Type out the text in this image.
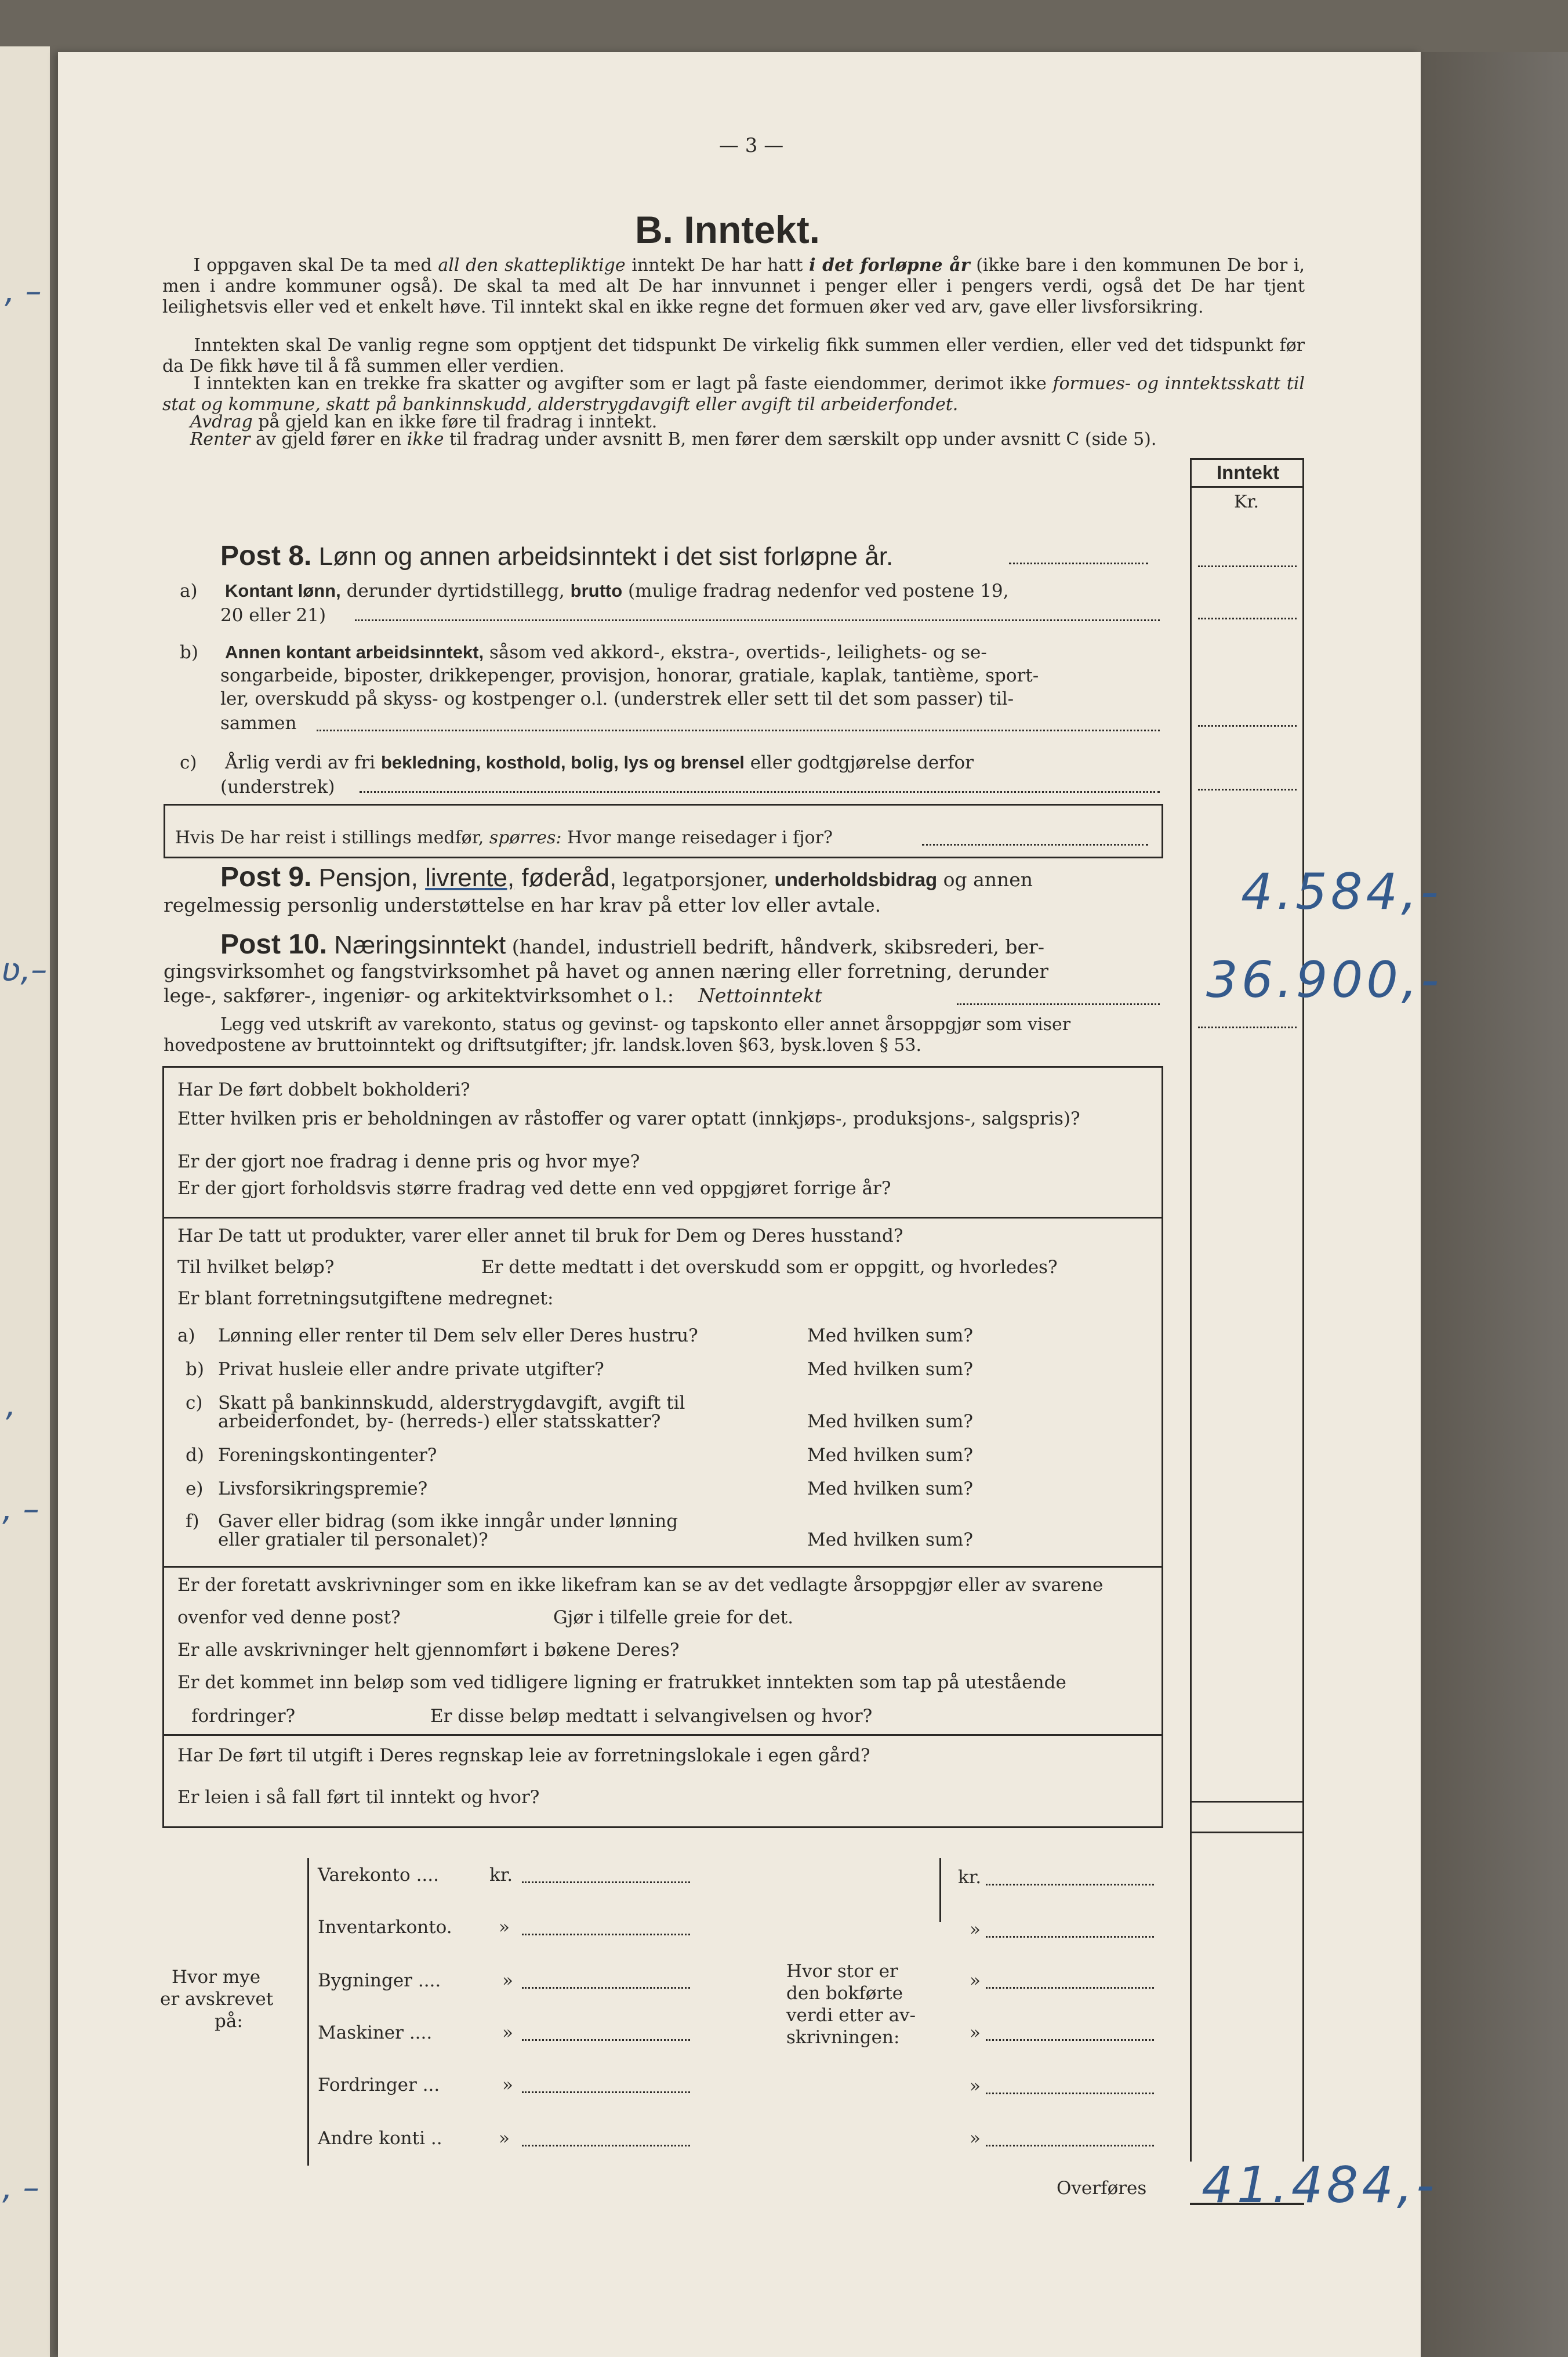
‚ –
ʋ,–
,
, –
, –
— 3 —
B. Inntekt.
I oppgaven skal De ta med all den skattepliktige inntekt De har hatt i det forløpne år (ikke bare i den kommunen De bor i, men i andre kommuner også). De skal ta med alt De har innvunnet i penger eller i pengers verdi, også det De har tjent leilighetsvis eller ved et enkelt høve. Til inntekt skal en ikke regne det formuen øker ved arv, gave eller livsforsikring.
Inntekten skal De vanlig regne som opptjent det tidspunkt De virkelig fikk summen eller verdien, eller ved det tidspunkt før da De fikk høve til å få summen eller verdien.
I inntekten kan en trekke fra skatter og avgifter som er lagt på faste eiendommer, derimot ikke formues- og inntektsskatt til stat og kommune, skatt på bankinnskudd, alderstrygdavgift eller avgift til arbeiderfondet.
Avdrag på gjeld kan en ikke føre til fradrag i inntekt.
Renter av gjeld fører en ikke til fradrag under avsnitt B, men fører dem særskilt opp under avsnitt C (side 5).
Inntekt
Kr.
4.584,-
36.900,-
41.484,-
Post 8. Lønn og annen arbeidsinntekt i det sist forløpne år.
a) Kontant lønn, derunder dyrtidstillegg, brutto (mulige fradrag nedenfor ved postene 19,
20 eller 21)
b) Annen kontant arbeidsinntekt, såsom ved akkord-, ekstra-, overtids-, leilighets- og se-
songarbeide, biposter, drikkepenger, provisjon, honorar, gratiale, kaplak, tantième, sport-
ler, overskudd på skyss- og kostpenger o.l. (understrek eller sett til det som passer) til-
sammen
c) Årlig verdi av fri bekledning, kosthold, bolig, lys og brensel eller godtgjørelse derfor
(understrek)
Hvis De har reist i stillings medfør, spørres: Hvor mange reisedager i fjor?
Post 9. Pensjon, livrente, føderåd, legatporsjoner, underholdsbidrag og annen
regelmessig personlig understøttelse en har krav på etter lov eller avtale.
Post 10. Næringsinntekt (handel, industriell bedrift, håndverk, skibsrederi, ber-
gingsvirksomhet og fangstvirksomhet på havet og annen næring eller forretning, derunder
lege-, sakfører-, ingeniør- og arkitektvirksomhet o l.: Nettoinntekt
Legg ved utskrift av varekonto, status og gevinst- og tapskonto eller annet årsoppgjør som viser
hovedpostene av bruttoinntekt og driftsutgifter; jfr. landsk.loven §63, bysk.loven § 53.
Har De ført dobbelt bokholderi?
Etter hvilken pris er beholdningen av råstoffer og varer optatt (innkjøps-, produksjons-, salgspris)?
Er der gjort noe fradrag i denne pris og hvor mye?
Er der gjort forholdsvis større fradrag ved dette enn ved oppgjøret forrige år?
Har De tatt ut produkter, varer eller annet til bruk for Dem og Deres husstand?
Til hvilket beløp?	Er dette medtatt i det overskudd som er oppgitt, og hvorledes?
Er blant forretningsutgiftene medregnet:
a) Lønning eller renter til Dem selv eller Deres hustru?	Med hvilken sum?
b) Privat husleie eller andre private utgifter?	Med hvilken sum?
c) Skatt på bankinnskudd, alderstrygdavgift, avgift til
arbeiderfondet, by- (herreds-) eller statsskatter?	Med hvilken sum?
d) Foreningskontingenter?	Med hvilken sum?
e) Livsforsikringspremie?	Med hvilken sum?
f) Gaver eller bidrag (som ikke inngår under lønning
eller gratialer til personalet)?	Med hvilken sum?
Er der foretatt avskrivninger som en ikke likefram kan se av det vedlagte årsoppgjør eller av svarene
ovenfor ved denne post?	Gjør i tilfelle greie for det.
Er alle avskrivninger helt gjennomført i bøkene Deres?
Er det kommet inn beløp som ved tidligere ligning er fratrukket inntekten som tap på utestående
fordringer?	Er disse beløp medtatt i selvangivelsen og hvor?
Har De ført til utgift i Deres regnskap leie av forretningslokale i egen gård?
Er leien i så fall ført til inntekt og hvor?
Hvor mye
er avskrevet
på:
Hvor stor er
den bokførte
verdi etter av-
skrivningen:
Varekonto ....	kr.	kr.
Inventarkonto.	»	»
Bygninger ....	»	»
Maskiner ....	»	»
Fordringer ...	»	»
Andre konti ..	»	»
Overføres
